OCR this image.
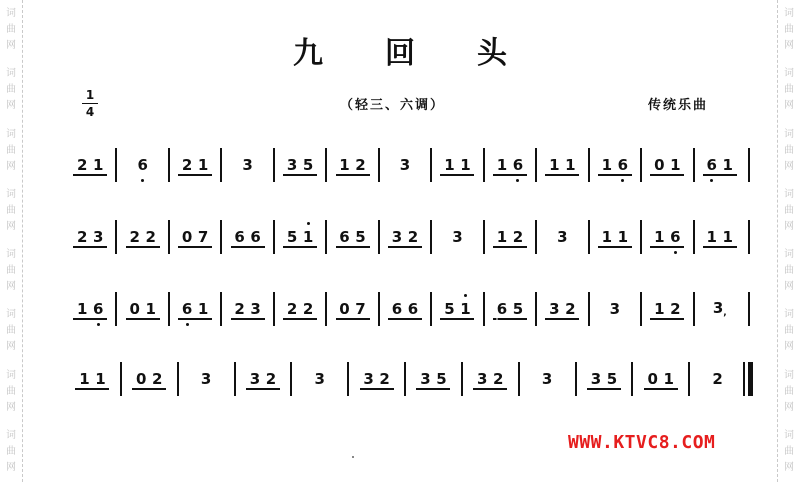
词
曲
网
词
曲
网
词
曲
网
词
曲
网
词
曲
网
词
曲
网
词
曲
网
词
曲
网
词
曲
网
词
曲
网
词
曲
网
词
曲
网
词
曲
网
词
曲
网
词
曲
网
词
曲
网
九回头
1
4	（轻三、六调）	传统乐曲
2 1 6 2 1 3 3 5 1 2 3 1 1 1 6 1 1 1 6 0 1 6 1
2 3 2 2 0 7 6 6 5 1 6 5 3 2 3 1 2 3 1 1 1 6 1 1
1 6 0 1 6 1 2 3 2 2 0 7 6 6 5 1 6 5 3 2 3 1 2 3,
1 1 0 2	3	3 2	3	3 2 3 5 3 2	3	3 5 0 1	2
WWW.KTVC8.COM
